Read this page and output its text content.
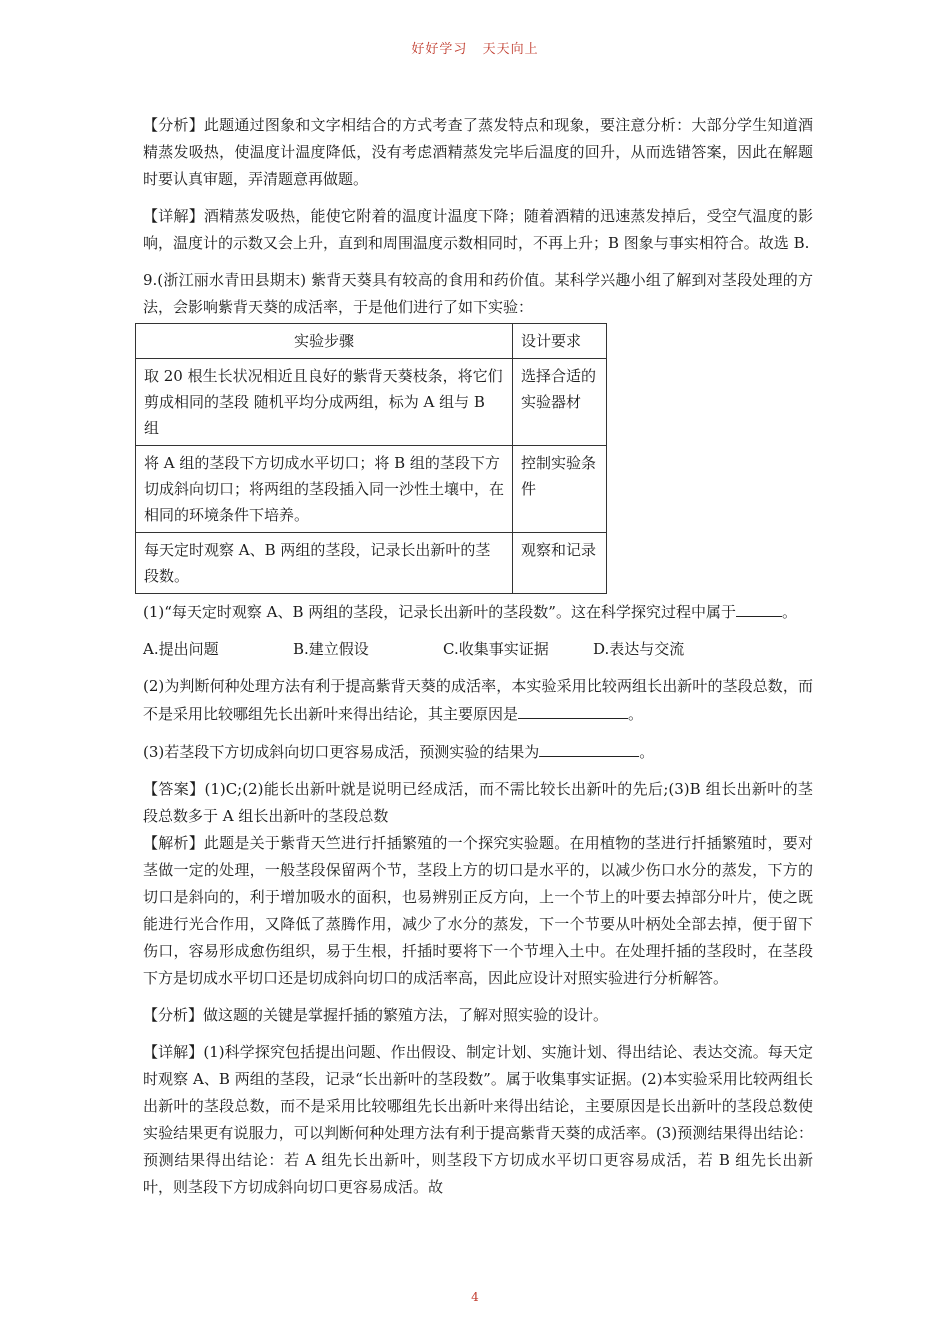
好好学习 天天向上

【分析】此题通过图象和文字相结合的方式考查了蒸发特点和现象，要注意分析：大部分学生知道酒精蒸发吸热，使温度计温度降低，没有考虑酒精蒸发完毕后温度的回升，从而选错答案，因此在解题时要认真审题，弄清题意再做题。

【详解】酒精蒸发吸热，能使它附着的温度计温度下降；随着酒精的迅速蒸发掉后，受空气温度的影响，温度计的示数又会上升，直到和周围温度示数相同时，不再上升；B 图象与事实相符合。故选 B.

9.(浙江丽水青田县期末) 紫背天葵具有较高的食用和药价值。某科学兴趣小组了解到对茎段处理的方法，会影响紫背天葵的成活率，于是他们进行了如下实验：

实验步骤	设计要求
取 20 根生长状况相近且良好的紫背天葵枝条，将它们剪成相同的茎段 随机平均分成两组，标为 A 组与 B 组	选择合适的实验器材
将 A 组的茎段下方切成水平切口；将 B 组的茎段下方切成斜向切口；将两组的茎段插入同一沙性土壤中，在相同的环境条件下培养。	控制实验条件
每天定时观察 A、B 两组的茎段，记录长出新叶的茎段数。	观察和记录

(1)“每天定时观察 A、B 两组的茎段，记录长出新叶的茎段数”。这在科学探究过程中属于	。

A.提出问题	B.建立假设	C.收集事实证据	D.表达与交流

(2)为判断何种处理方法有利于提高紫背天葵的成活率，本实验采用比较两组长出新叶的茎段总数，而不是采用比较哪组先长出新叶来得出结论，其主要原因是	。

(3)若茎段下方切成斜向切口更容易成活，预测实验的结果为	。

【答案】(1)C;(2)能长出新叶就是说明已经成活，而不需比较长出新叶的先后;(3)B 组长出新叶的茎段总数多于 A 组长出新叶的茎段总数

【解析】此题是关于紫背天竺进行扦插繁殖的一个探究实验题。在用植物的茎进行扦插繁殖时，要对茎做一定的处理，一般茎段保留两个节，茎段上方的切口是水平的，以减少伤口水分的蒸发，下方的切口是斜向的，利于增加吸水的面积，也易辨别正反方向，上一个节上的叶要去掉部分叶片，使之既能进行光合作用，又降低了蒸腾作用，减少了水分的蒸发，下一个节要从叶柄处全部去掉，便于留下伤口，容易形成愈伤组织，易于生根，扦插时要将下一个节埋入土中。在处理扦插的茎段时，在茎段下方是切成水平切口还是切成斜向切口的成活率高，因此应设计对照实验进行分析解答。

【分析】做这题的关键是掌握扦插的繁殖方法，了解对照实验的设计。

【详解】(1)科学探究包括提出问题、作出假设、制定计划、实施计划、得出结论、表达交流。每天定时观察 A、B 两组的茎段，记录“长出新叶的茎段数”。属于收集事实证据。(2)本实验采用比较两组长出新叶的茎段总数，而不是采用比较哪组先长出新叶来得出结论，主要原因是长出新叶的茎段总数使实验结果更有说服力，可以判断何种处理方法有利于提高紫背天葵的成活率。(3)预测结果得出结论：预测结果得出结论：若 A 组先长出新叶，则茎段下方切成水平切口更容易成活，若 B 组先长出新叶，则茎段下方切成斜向切口更容易成活。故

4
